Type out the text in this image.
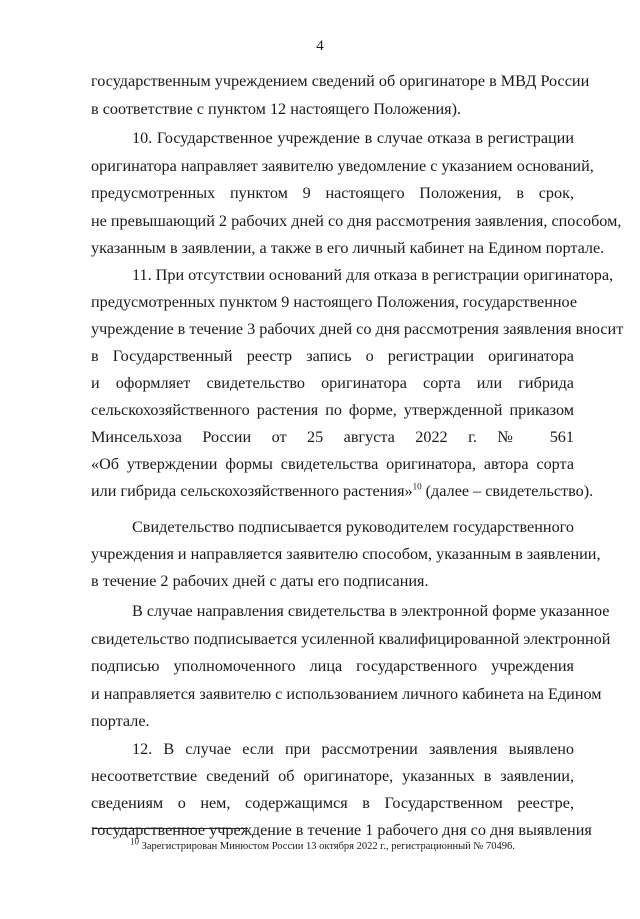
4
государственным учреждением сведений об оригинаторе в МВД России
в соответствие с пунктом 12 настоящего Положения).
10. Государственное учреждение в случае отказа в регистрации
оригинатора направляет заявителю уведомление с указанием оснований,
предусмотренных пунктом 9 настоящего Положения, в срок,
не превышающий 2 рабочих дней со дня рассмотрения заявления, способом,
указанным в заявлении, а также в его личный кабинет на Едином портале.
11. При отсутствии оснований для отказа в регистрации оригинатора,
предусмотренных пунктом 9 настоящего Положения, государственное
учреждение в течение 3 рабочих дней со дня рассмотрения заявления вносит
в Государственный реестр запись о регистрации оригинатора
и оформляет свидетельство оригинатора сорта или гибрида
сельскохозяйственного растения по форме, утвержденной приказом
Минсельхоза России от 25 августа 2022 г. № 561
«Об утверждении формы свидетельства оригинатора, автора сорта
или гибрида сельскохозяйственного растения»$^{10}$ (далее – свидетельство).
Свидетельство подписывается руководителем государственного
учреждения и направляется заявителю способом, указанным в заявлении,
в течение 2 рабочих дней с даты его подписания.
В случае направления свидетельства в электронной форме указанное
свидетельство подписывается усиленной квалифицированной электронной
подписью уполномоченного лица государственного учреждения
и направляется заявителю с использованием личного кабинета на Едином
портале.
12. В случае если при рассмотрении заявления выявлено
несоответствие сведений об оригинаторе, указанных в заявлении,
сведениям о нем, содержащимся в Государственном реестре,
государственное учреждение в течение 1 рабочего дня со дня выявления
$^{10}$ Зарегистрирован Минюстом России 13 октября 2022 г., регистрационный № 70496.
